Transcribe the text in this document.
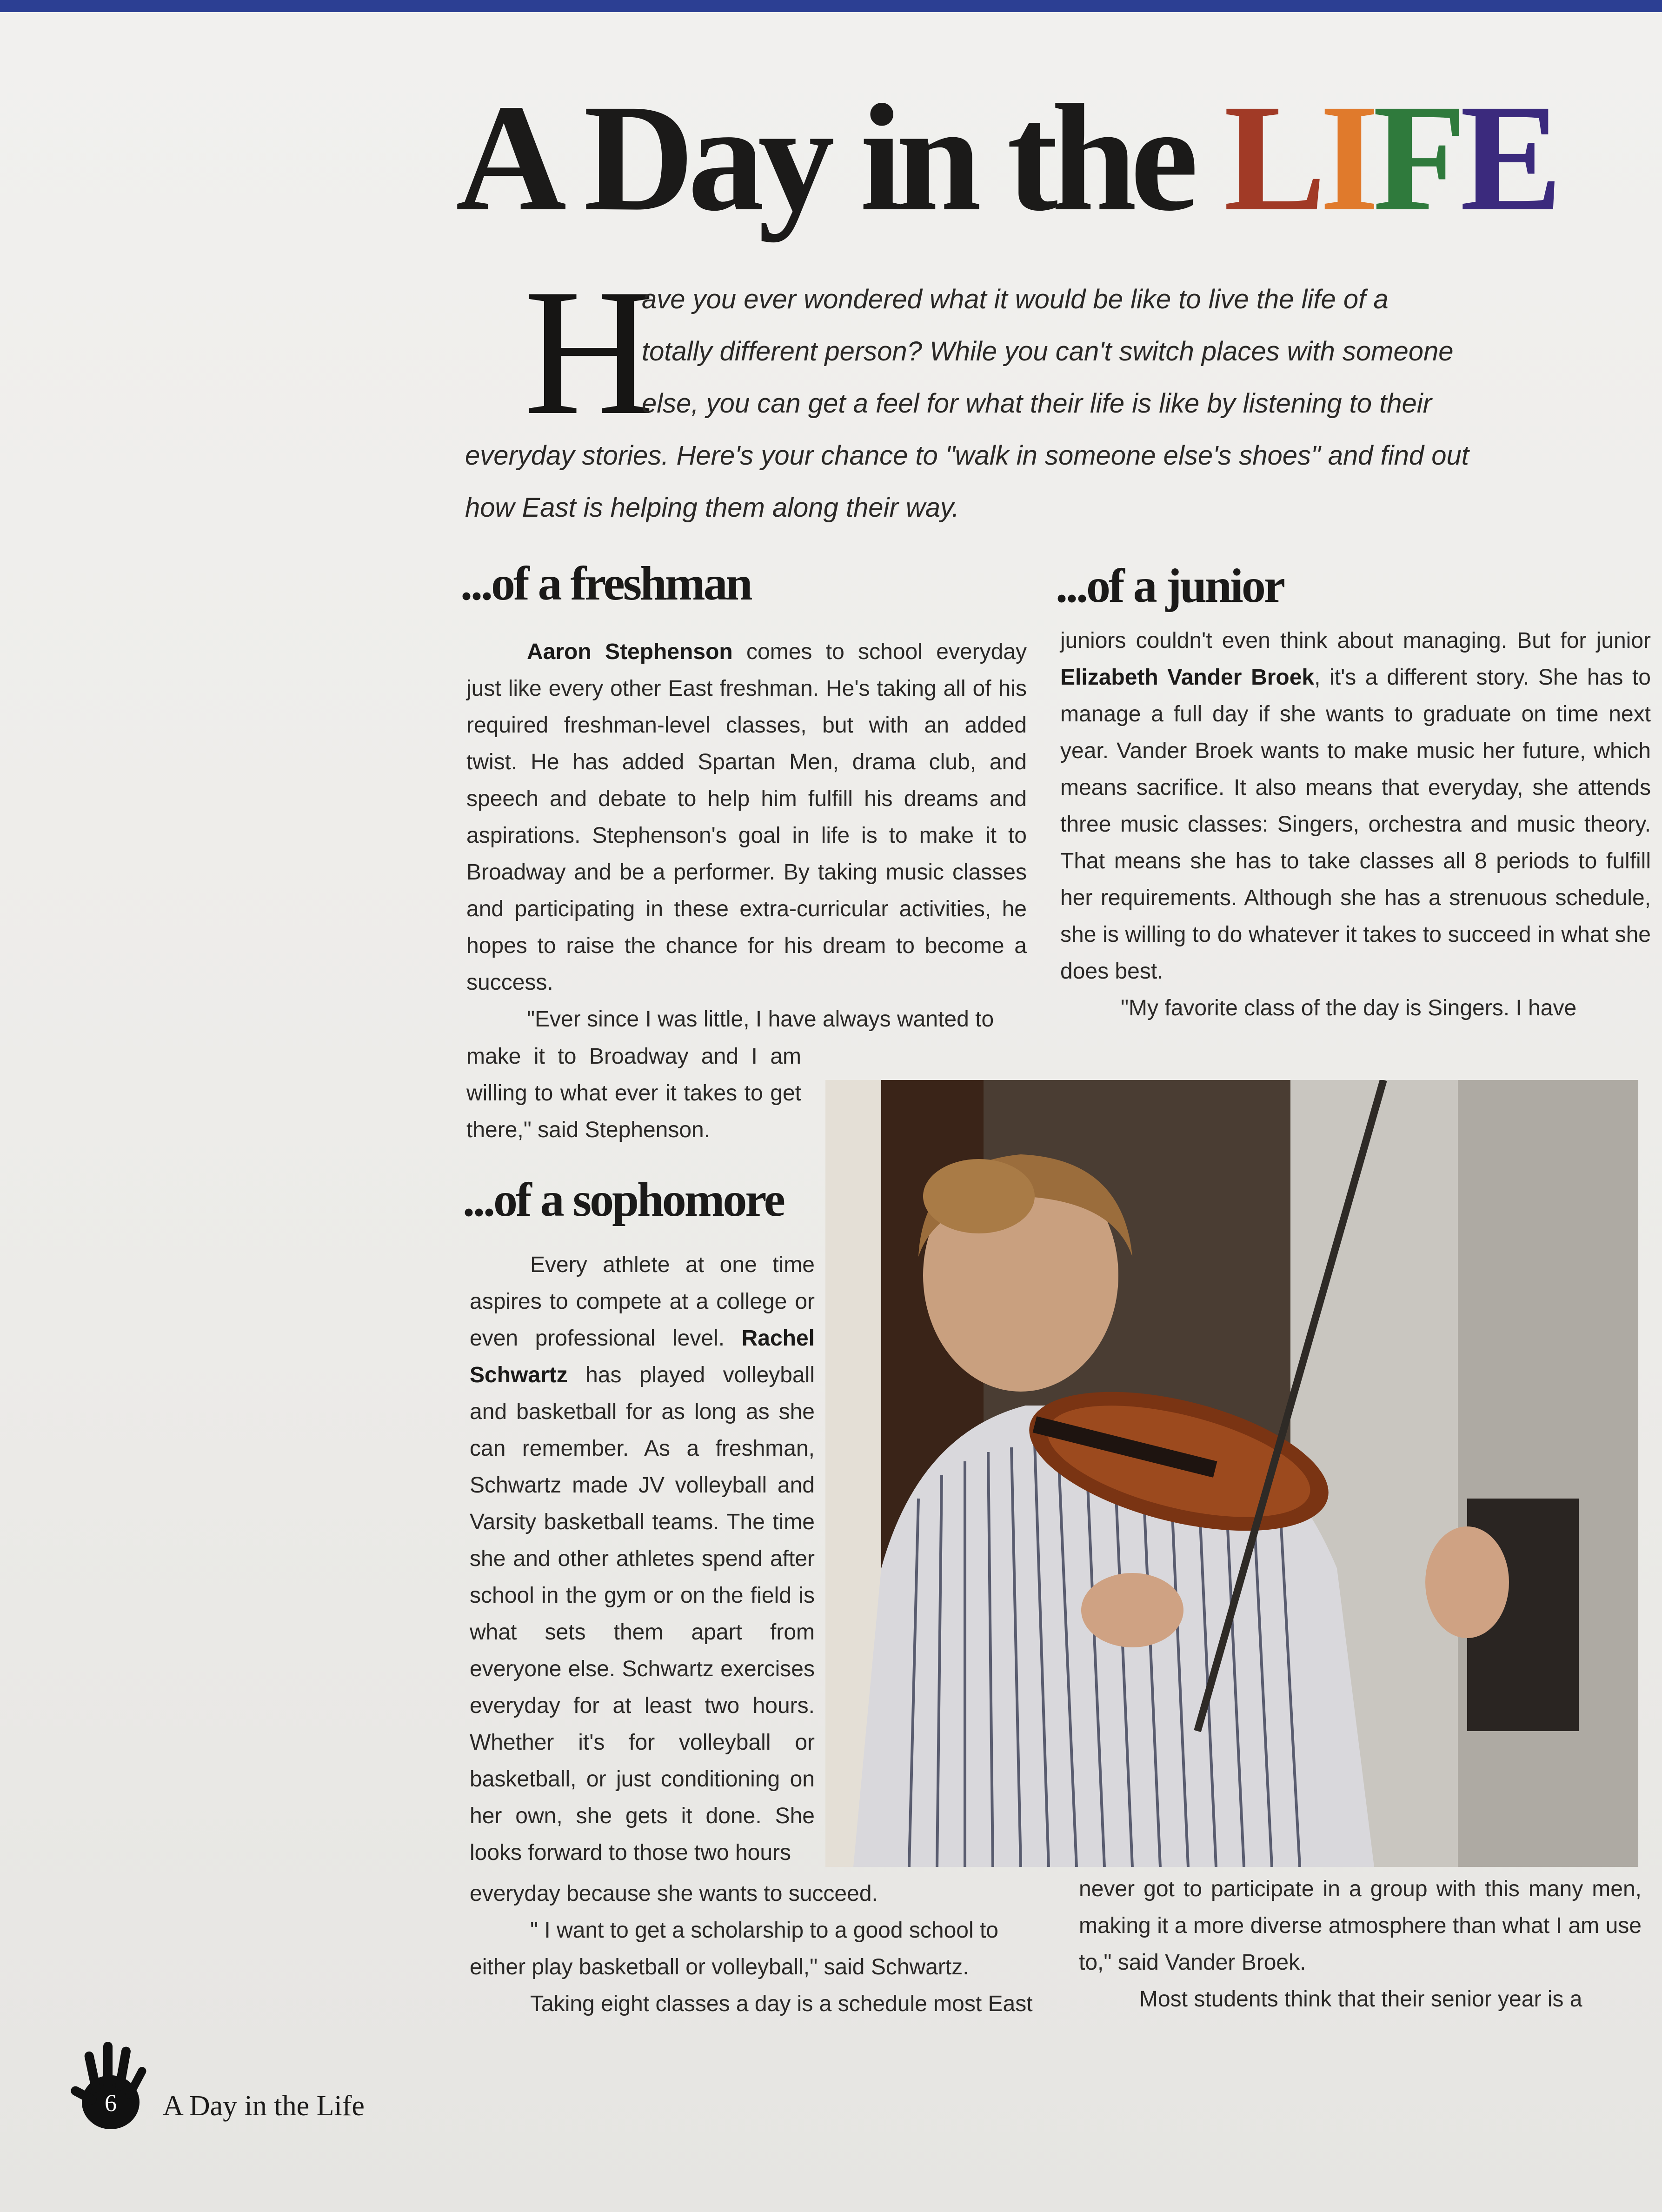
A Day in the LIFE
H
ave you ever wondered what it would be like to live the life of a
totally different person? While you can't switch places with someone
else, you can get a feel for what their life is like by listening to their
everyday stories. Here's your chance to "walk in someone else's shoes" and find out
how East is helping them along their way.
...of a freshman

Aaron Stephenson comes to school everyday just like every other East freshman. He's taking all of his required freshman-level classes, but with an added twist. He has added Spartan Men, drama club, and speech and debate to help him fulfill his dreams and aspirations. Stephenson's goal in life is to make it to Broadway and be a performer. By taking music classes and participating in these extra-curricular activities, he hopes to raise the chance for his dream to become a success.

"Ever since I was little, I have always wanted to

make it to Broadway and I am willing to what ever it takes to get there," said Stephenson.
...of a sophomore

Every athlete at one time aspires to compete at a college or even professional level. Rachel Schwartz has played volleyball and basketball for as long as she can remember. As a freshman, Schwartz made JV volleyball and Varsity basketball teams. The time she and other athletes spend after school in the gym or on the field is what sets them apart from everyone else. Schwartz exercises everyday for at least two hours. Whether it's for volleyball or basketball, or just conditioning on her own, she gets it done. She looks forward to those two hours

everyday because she wants to succeed.

" I want to get a scholarship to a good school to either play basketball or volleyball," said Schwartz.

Taking eight classes a day is a schedule most East

...of a junior

juniors couldn't even think about managing. But for junior Elizabeth Vander Broek, it's a different story. She has to manage a full day if she wants to graduate on time next year. Vander Broek wants to make music her future, which means sacrifice. It also means that everyday, she attends three music classes: Singers, orchestra and music theory. That means she has to take classes all 8 periods to fulfill her requirements. Although she has a strenuous schedule, she is willing to do whatever it takes to succeed in what she does best.

"My favorite class of the day is Singers. I have

never got to participate in a group with this many men, making it a more diverse atmosphere than what I am use to," said Vander Broek.

Most students think that their senior year is a

6 A Day in the Life
